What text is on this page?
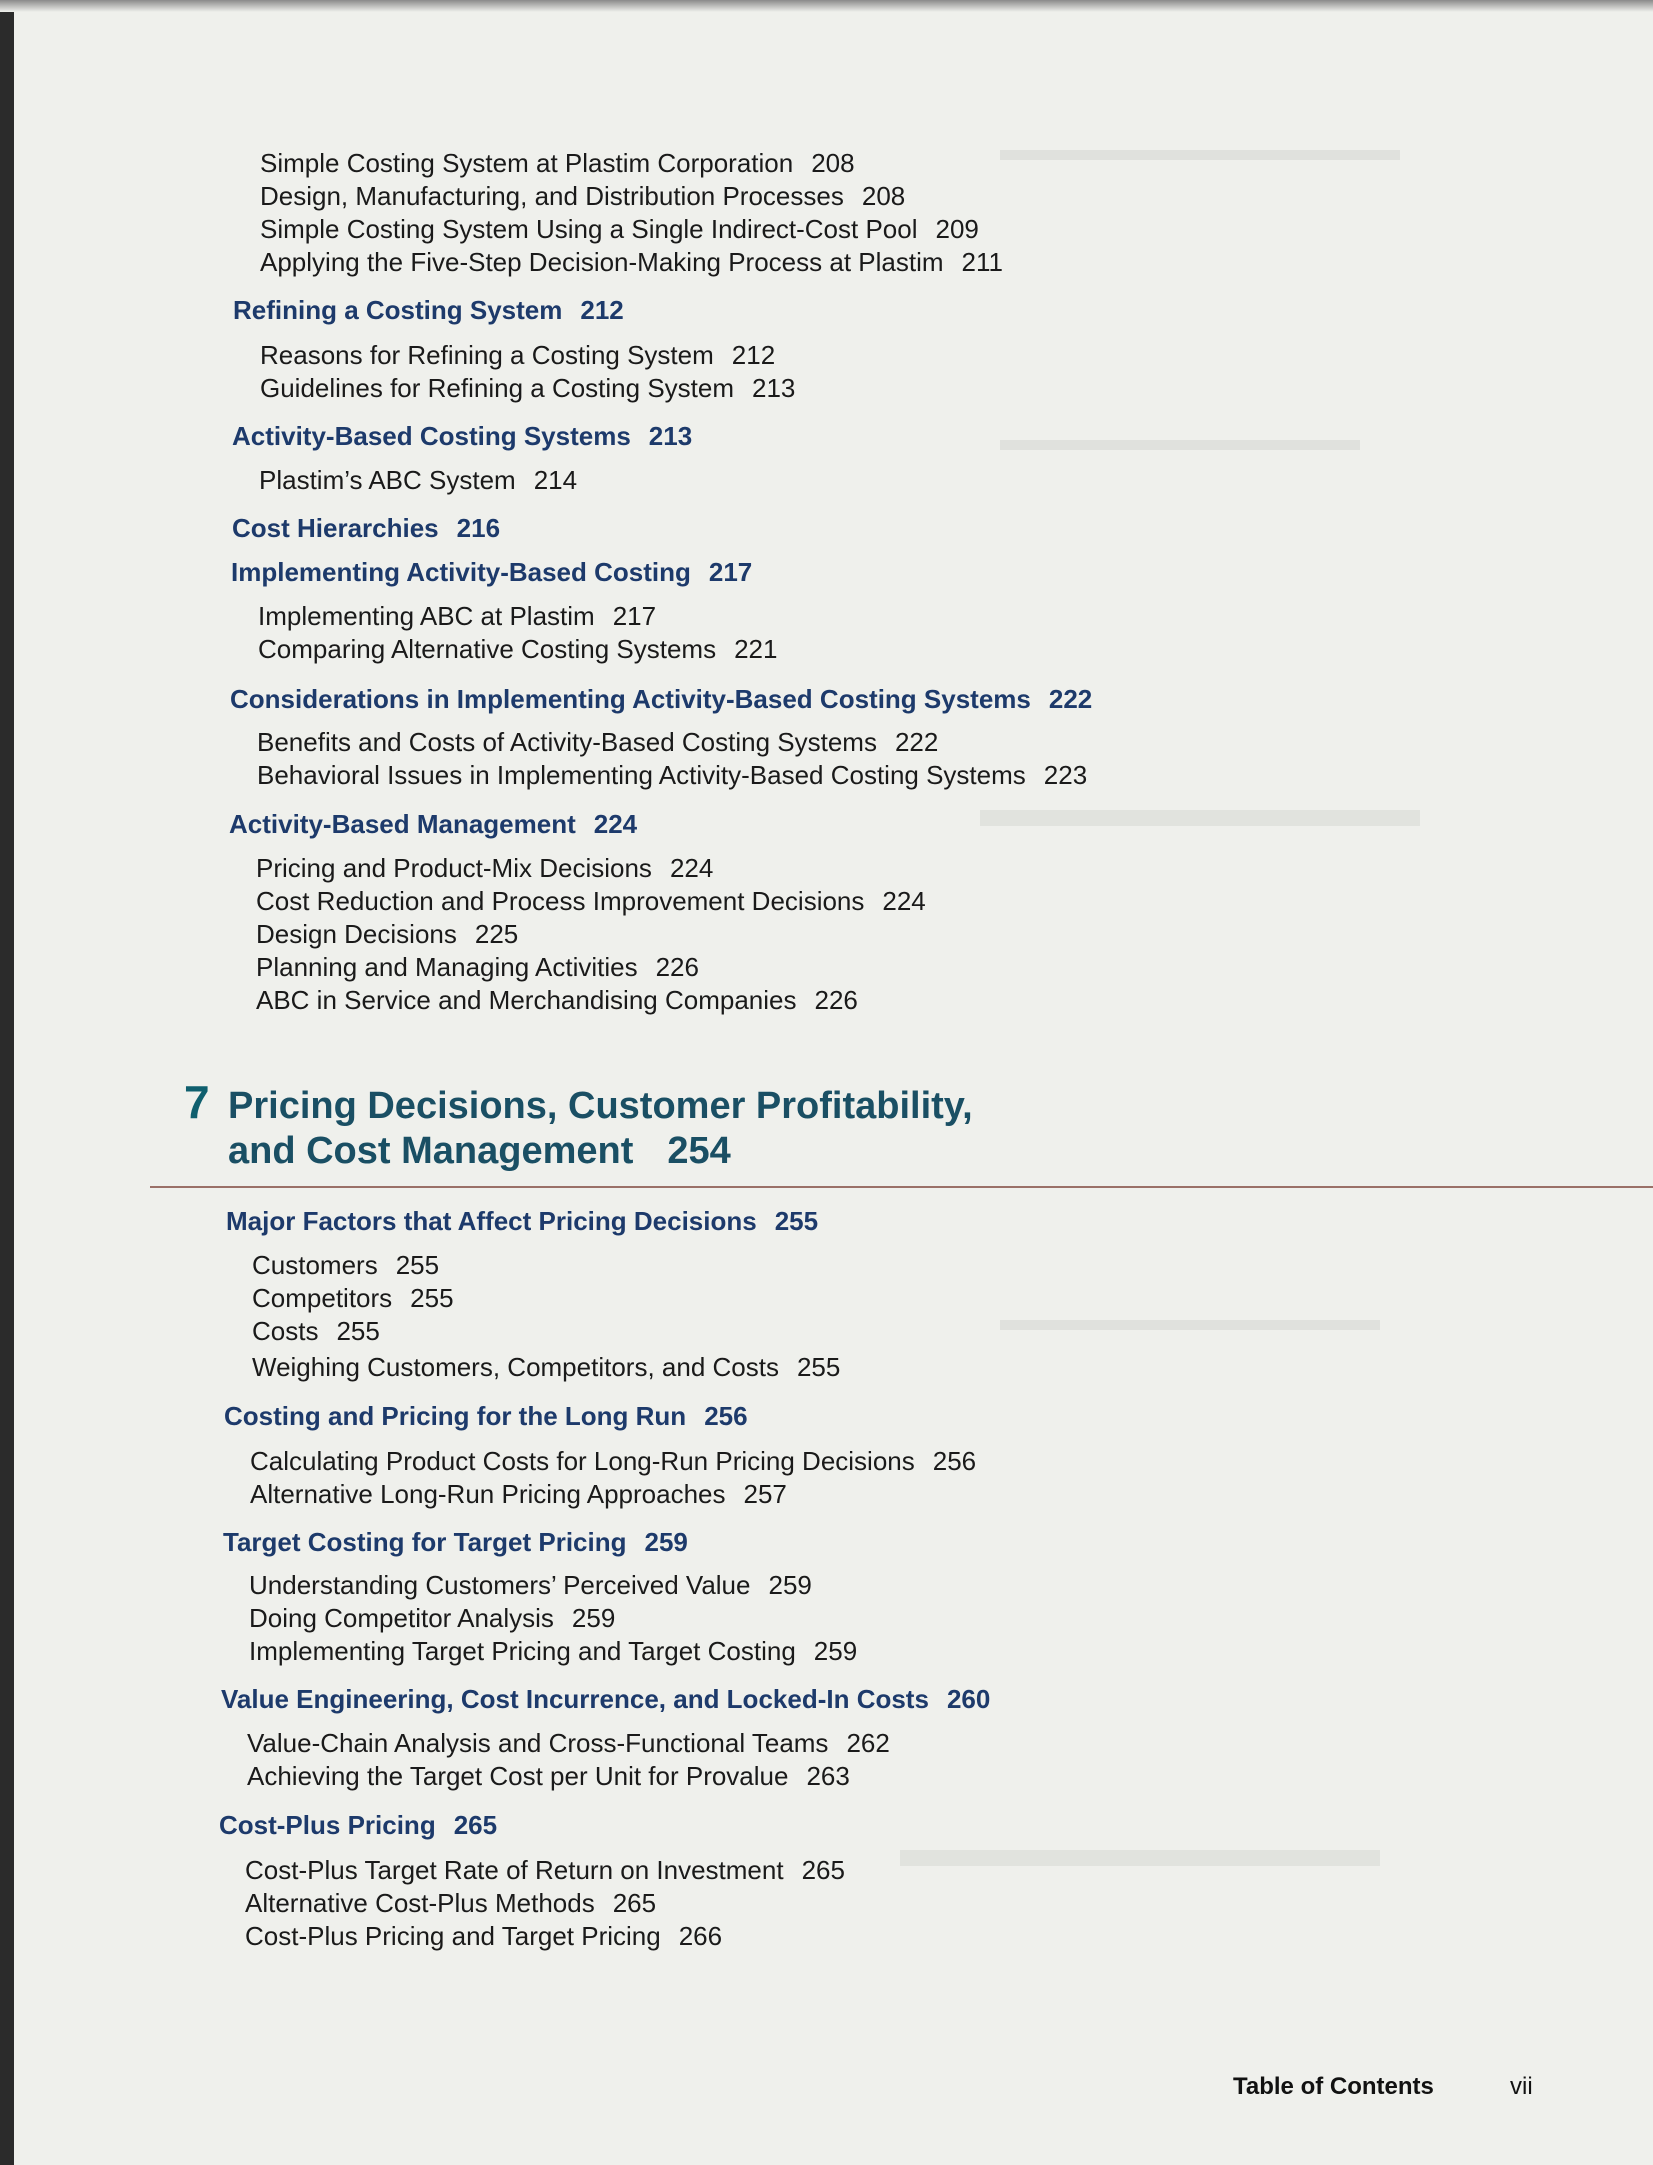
Simple Costing System at Plastim Corporation 208
Design, Manufacturing, and Distribution Processes 208
Simple Costing System Using a Single Indirect-Cost Pool 209
Applying the Five-Step Decision-Making Process at Plastim 211
Refining a Costing System 212
Reasons for Refining a Costing System 212
Guidelines for Refining a Costing System 213
Activity-Based Costing Systems 213
Plastim’s ABC System 214
Cost Hierarchies 216
Implementing Activity-Based Costing 217
Implementing ABC at Plastim 217
Comparing Alternative Costing Systems 221
Considerations in Implementing Activity-Based Costing Systems 222
Benefits and Costs of Activity-Based Costing Systems 222
Behavioral Issues in Implementing Activity-Based Costing Systems 223
Activity-Based Management 224
Pricing and Product-Mix Decisions 224
Cost Reduction and Process Improvement Decisions 224
Design Decisions 225
Planning and Managing Activities 226
ABC in Service and Merchandising Companies 226
7 Pricing Decisions, Customer Profitability,
and Cost Management 254
Major Factors that Affect Pricing Decisions 255
Customers 255
Competitors 255
Costs 255
Weighing Customers, Competitors, and Costs 255
Costing and Pricing for the Long Run 256
Calculating Product Costs for Long-Run Pricing Decisions 256
Alternative Long-Run Pricing Approaches 257
Target Costing for Target Pricing 259
Understanding Customers’ Perceived Value 259
Doing Competitor Analysis 259
Implementing Target Pricing and Target Costing 259
Value Engineering, Cost Incurrence, and Locked-In Costs 260
Value-Chain Analysis and Cross-Functional Teams 262
Achieving the Target Cost per Unit for Provalue 263
Cost-Plus Pricing 265
Cost-Plus Target Rate of Return on Investment 265
Alternative Cost-Plus Methods 265
Cost-Plus Pricing and Target Pricing 266
Table of Contents	vii
